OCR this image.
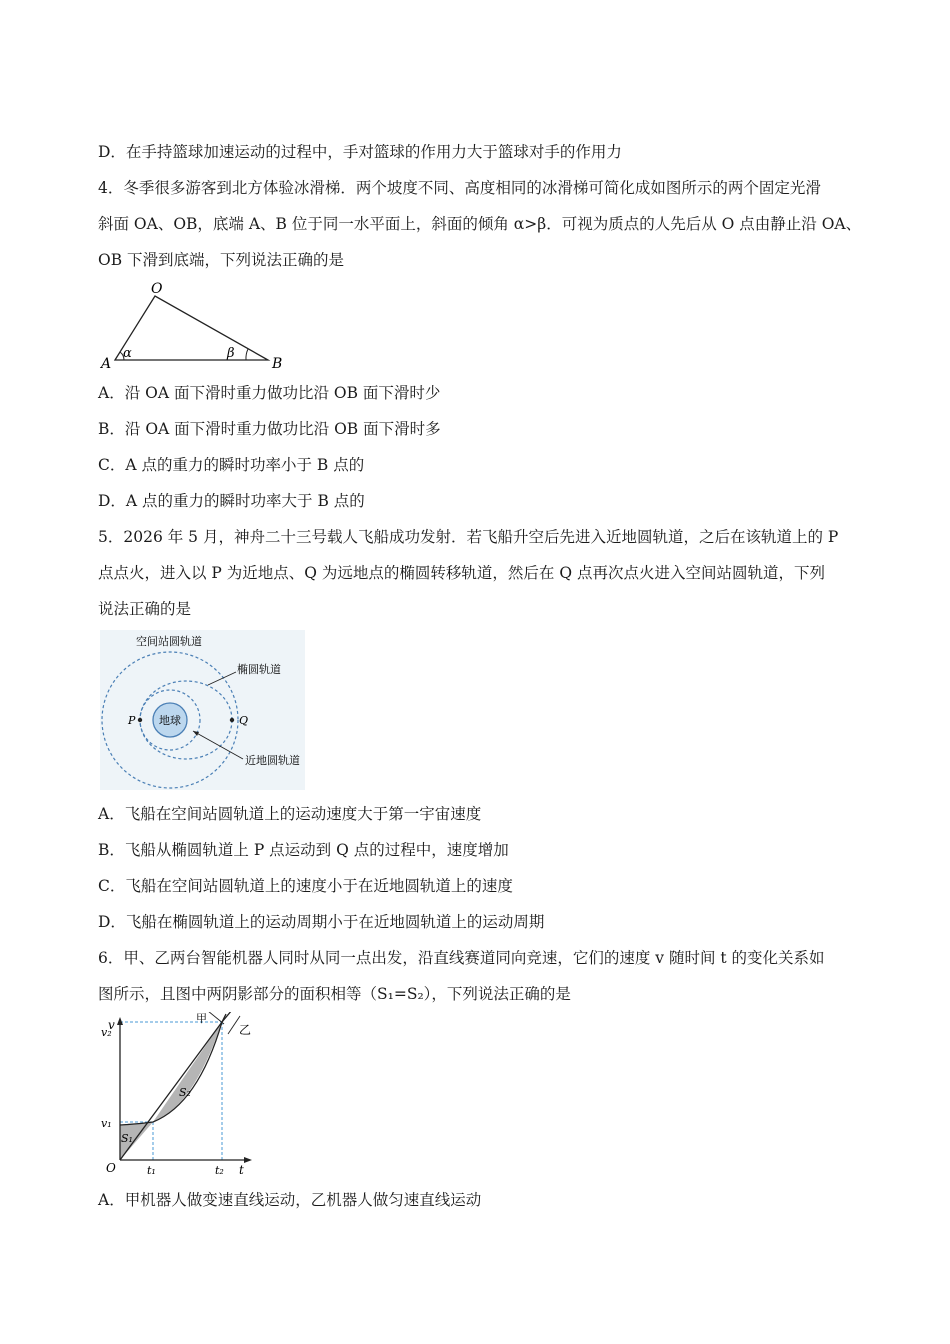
D．在手持篮球加速运动的过程中，手对篮球的作用力大于篮球对手的作用力
4．冬季很多游客到北方体验冰滑梯．两个坡度不同、高度相同的冰滑梯可简化成如图所示的两个固定光滑
斜面 OA、OB，底端 A、B 位于同一水平面上，斜面的倾角 α>β．可视为质点的人先后从 O 点由静止沿 OA、
OB 下滑到底端，下列说法正确的是
O
A	B
α	β
A．沿 OA 面下滑时重力做功比沿 OB 面下滑时少
B．沿 OA 面下滑时重力做功比沿 OB 面下滑时多
C．A 点的重力的瞬时功率小于 B 点的
D．A 点的重力的瞬时功率大于 B 点的
5．2026 年 5 月，神舟二十三号载人飞船成功发射．若飞船升空后先进入近地圆轨道，之后在该轨道上的 P
点点火，进入以 P 为近地点、Q 为远地点的椭圆转移轨道，然后在 Q 点再次点火进入空间站圆轨道，下列
说法正确的是
空间站圆轨道
地球
P	Q
椭圆轨道
近地圆轨道
A．飞船在空间站圆轨道上的运动速度大于第一宇宙速度
B．飞船从椭圆轨道上 P 点运动到 Q 点的过程中，速度增加
C．飞船在空间站圆轨道上的速度小于在近地圆轨道上的速度
D．飞船在椭圆轨道上的运动周期小于在近地圆轨道上的运动周期
6．甲、乙两台智能机器人同时从同一点出发，沿直线赛道同向竞速，它们的速度 v 随时间 t 的变化关系如
图所示，且图中两阴影部分的面积相等（S₁=S₂），下列说法正确的是
v
v₂
v₁
O	t₁	t₂ t
S₁
S₂
甲
乙
A．甲机器人做变速直线运动，乙机器人做匀速直线运动
